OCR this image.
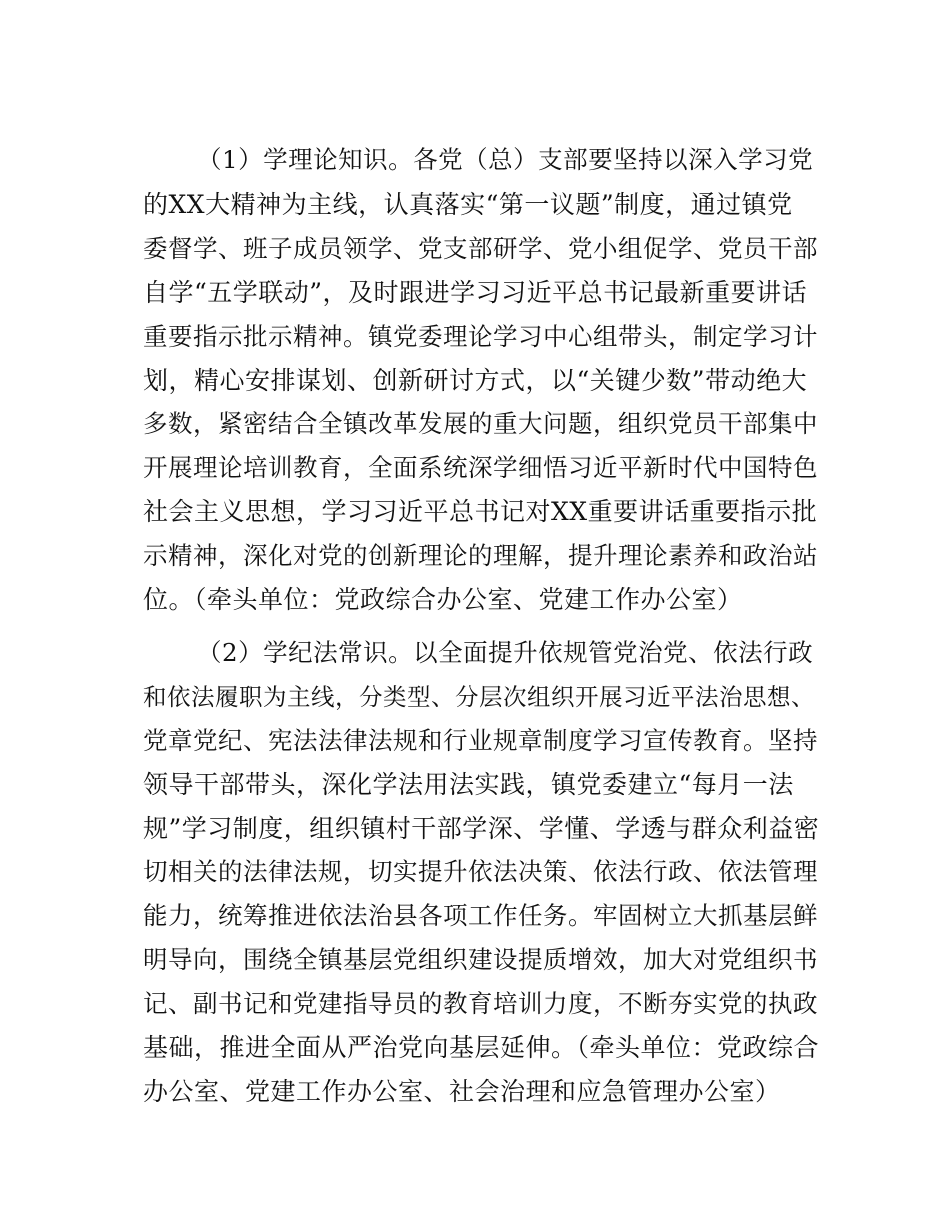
（1）学理论知识。各党（总）支部要坚持以深入学习党
的XX大精神为主线，认真落实“第一议题”制度，通过镇党
委督学、班子成员领学、党支部研学、党小组促学、党员干部
自学“五学联动”，及时跟进学习习近平总书记最新重要讲话
重要指示批示精神。镇党委理论学习中心组带头，制定学习计
划，精心安排谋划、创新研讨方式，以“关键少数”带动绝大
多数，紧密结合全镇改革发展的重大问题，组织党员干部集中
开展理论培训教育，全面系统深学细悟习近平新时代中国特色
社会主义思想，学习习近平总书记对XX重要讲话重要指示批
示精神，深化对党的创新理论的理解，提升理论素养和政治站
位。（牵头单位：党政综合办公室、党建工作办公室）
（2）学纪法常识。以全面提升依规管党治党、依法行政
和依法履职为主线，分类型、分层次组织开展习近平法治思想、
党章党纪、宪法法律法规和行业规章制度学习宣传教育。坚持
领导干部带头，深化学法用法实践，镇党委建立“每月一法
规”学习制度，组织镇村干部学深、学懂、学透与群众利益密
切相关的法律法规，切实提升依法决策、依法行政、依法管理
能力，统筹推进依法治县各项工作任务。牢固树立大抓基层鲜
明导向，围绕全镇基层党组织建设提质增效，加大对党组织书
记、副书记和党建指导员的教育培训力度，不断夯实党的执政
基础，推进全面从严治党向基层延伸。（牵头单位：党政综合
办公室、党建工作办公室、社会治理和应急管理办公室）
